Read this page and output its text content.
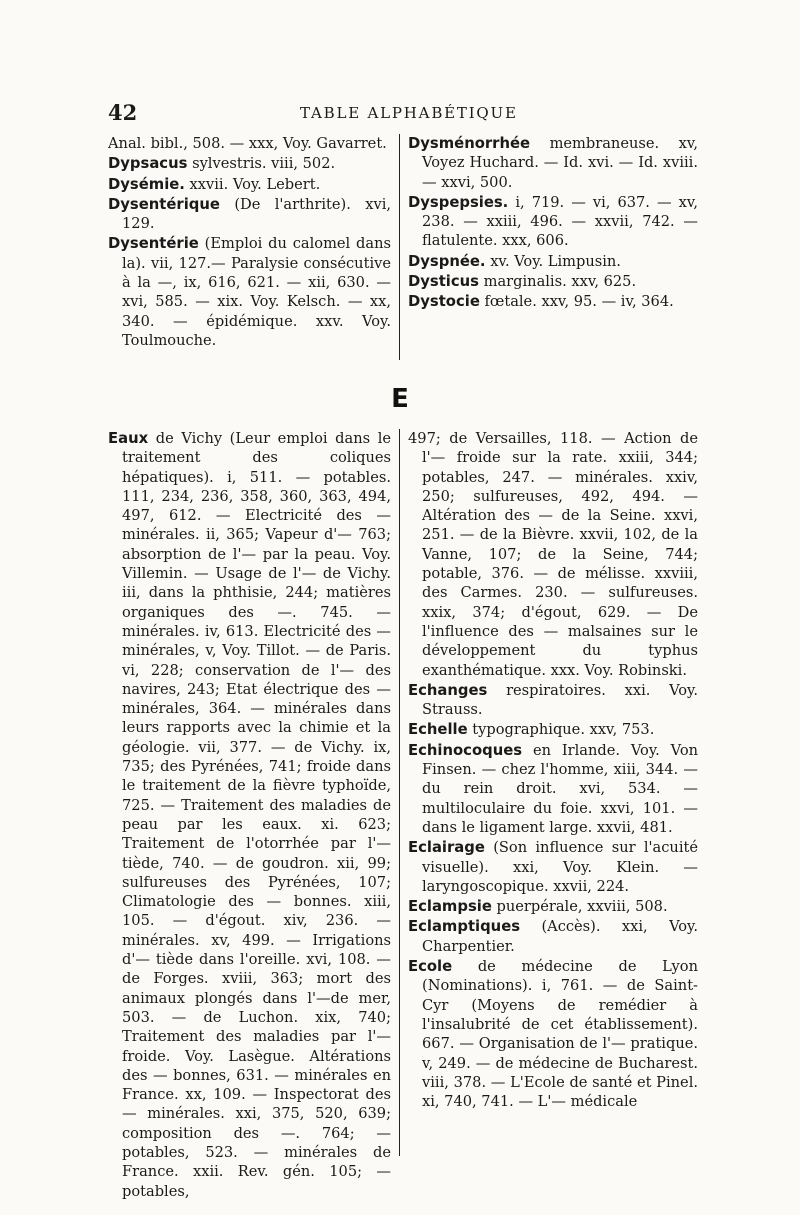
42	TABLE ALPHABÉTIQUE

Anal. bibl., 508. — xxx, Voy. Gavarret.

Dypsacus sylvestris. viii, 502.

Dysémie. xxvii. Voy. Lebert.

Dysentérique (De l'arthrite). xvi, 129.

Dysentérie (Emploi du calomel dans la). vii, 127.— Paralysie consécutive à la —, ix, 616, 621. — xii, 630. — xvi, 585. — xix. Voy. Kelsch. — xx, 340. — épidémique. xxv. Voy. Toulmouche.

Dysménorrhée membraneuse. xv, Voyez Huchard. — Id. xvi. — Id. xviii. — xxvi, 500.

Dyspepsies. i, 719. — vi, 637. — xv, 238. — xxiii, 496. — xxvii, 742. — flatulente. xxx, 606.

Dyspnée. xv. Voy. Limpusin.

Dysticus marginalis. xxv, 625.

Dystocie fœtale. xxv, 95. — iv, 364.

E

Eaux de Vichy (Leur emploi dans le traitement des coliques hépatiques). i, 511. — potables. 111, 234, 236, 358, 360, 363, 494, 497, 612. — Electricité des — minérales. ii, 365; Vapeur d'— 763; absorption de l'— par la peau. Voy. Villemin. — Usage de l'— de Vichy. iii, dans la phthisie, 244; matières organiques des —. 745. — minérales. iv, 613. Electricité des — minérales, v, Voy. Tillot. — de Paris. vi, 228; conservation de l'— des navires, 243; Etat électrique des — minérales, 364. — minérales dans leurs rapports avec la chimie et la géologie. vii, 377. — de Vichy. ix, 735; des Pyrénées, 741; froide dans le traitement de la fièvre typhoïde, 725. — Traitement des maladies de peau par les eaux. xi. 623; Traitement de l'otorrhée par l'— tiède, 740. — de goudron. xii, 99; sulfureuses des Pyrénées, 107; Climatologie des — bonnes. xiii, 105. — d'égout. xiv, 236. — minérales. xv, 499. — Irrigations d'— tiède dans l'oreille. xvi, 108. — de Forges. xviii, 363; mort des animaux plongés dans l'—de mer, 503. — de Luchon. xix, 740; Traitement des maladies par l'— froide. Voy. Lasègue. Altérations des — bonnes, 631. — minérales en France. xx, 109. — Inspectorat des — minérales. xxi, 375, 520, 639; composition des —. 764; — potables, 523. — minérales de France. xxii. Rev. gén. 105; — potables,

497; de Versailles, 118. — Action de l'— froide sur la rate. xxiii, 344; potables, 247. — minérales. xxiv, 250; sulfureuses, 492, 494. — Altération des — de la Seine. xxvi, 251. — de la Bièvre. xxvii, 102, de la Vanne, 107; de la Seine, 744; potable, 376. — de mélisse. xxviii, des Carmes. 230. — sulfureuses. xxix, 374; d'égout, 629. — De l'influence des — malsaines sur le développement du typhus exanthématique. xxx. Voy. Robinski.

Echanges respiratoires. xxi. Voy. Strauss.

Echelle typographique. xxv, 753.

Echinocoques en Irlande. Voy. Von Finsen. — chez l'homme, xiii, 344. — du rein droit. xvi, 534. — multiloculaire du foie. xxvi, 101. — dans le ligament large. xxvii, 481.

Eclairage (Son influence sur l'acuité visuelle). xxi, Voy. Klein. — laryngoscopique. xxvii, 224.

Eclampsie puerpérale, xxviii, 508.

Eclamptiques (Accès). xxi, Voy. Charpentier.

Ecole de médecine de Lyon (Nominations). i, 761. — de Saint-Cyr (Moyens de remédier à l'insalubrité de cet établissement). 667. — Organisation de l'— pratique. v, 249. — de médecine de Bucharest. viii, 378. — L'Ecole de santé et Pinel. xi, 740, 741. — L'— médicale
